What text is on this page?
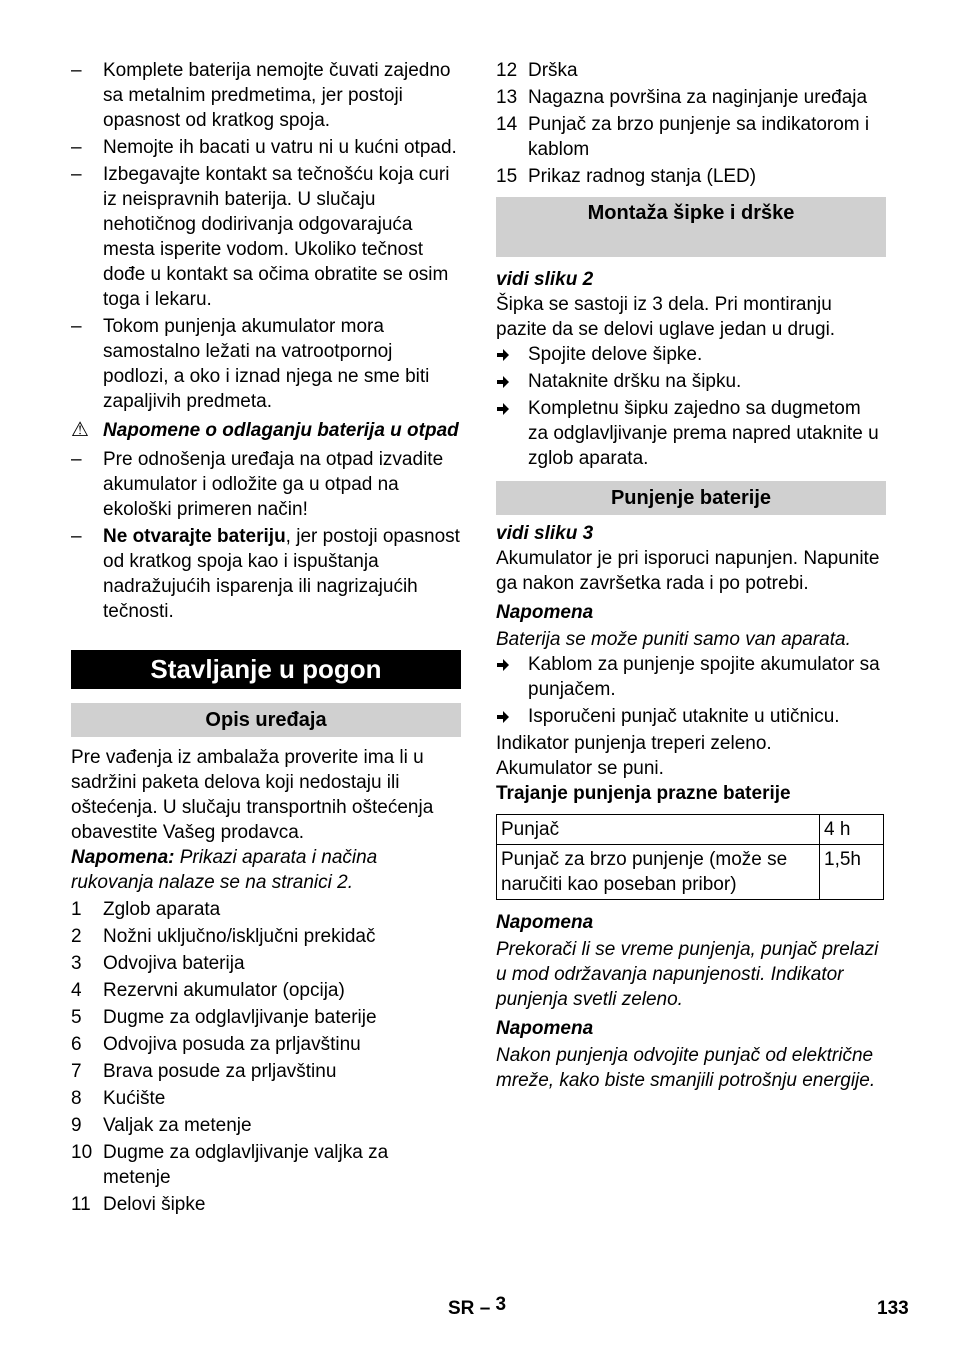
–	Komplete baterija nemojte čuvati zajedno sa metalnim predmetima, jer postoji opasnost od kratkog spoja.
–	Nemojte ih bacati u vatru ni u kućni otpad.
–	Izbegavajte kontakt sa tečnošću koja curi iz neispravnih baterija. U slučaju nehotičnog dodirivanja odgovarajuća mesta isperite vodom. Ukoliko tečnost dođe u kontakt sa očima obratite se osim toga i lekaru.
–	Tokom punjenja akumulator mora samostalno ležati na vatrootpornoj podlozi, a oko i iznad njega ne sme biti zapaljivih predmeta.
⚠ Napomene o odlaganju baterija u otpad
–	Pre odnošenja uređaja na otpad izvadite akumulator i odložite ga u otpad na ekološki primeren način!
–	Ne otvarajte bateriju, jer postoji opasnost od kratkog spoja kao i ispuštanja nadražujućih isparenja ili nagrizajućih tečnosti.
Stavljanje u pogon
Opis uređaja

Pre vađenja iz ambalaža proverite ima li u sadržini paketa delova koji nedostaju ili oštećenja. U slučaju transportnih oštećenja obavestite Vašeg prodavca.

Napomena: Prikazi aparata i načina rukovanja nalaze se na stranici 2.

1	Zglob aparata
2	Nožni uključno/isključni prekidač
3	Odvojiva baterija
4	Rezervni akumulator (opcija)
5	Dugme za odglavljivanje baterije
6	Odvojiva posuda za prljavštinu
7	Brava posude za prljavštinu
8	Kućište
9	Valjak za metenje
10 Dugme za odglavljivanje valjka za metenje
11 Delovi šipke
12 Drška
13 Nagazna površina za naginjanje uređaja
14 Punjač za brzo punjenje sa indikatorom i kablom
15 Prikaz radnog stanja (LED)
Montaža šipke i drške

vidi sliku 2

Šipka se sastoji iz 3 dela. Pri montiranju pazite da se delovi uglave jedan u drugi.

Spojite delove šipke.
Nataknite dršku na šipku.
Kompletnu šipku zajedno sa dugmetom za odglavljivanje prema napred utaknite u zglob aparata.
Punjenje baterije

vidi sliku 3

Akumulator je pri isporuci napunjen. Napunite ga nakon završetka rada i po potrebi.

Napomena

Baterija se može puniti samo van aparata.

Kablom za punjenje spojite akumulator sa punjačem.
Isporučeni punjač utaknite u utičnicu.

Indikator punjenja treperi zeleno.

Akumulator se puni.

Trajanje punjenja prazne baterije

Punjač	4 h
Punjač za brzo punjenje (može se naručiti kao poseban pribor)	1,5h

Napomena

Prekorači li se vreme punjenja, punjač prelazi u mod održavanja napunjenosti. Indikator punjenja svetli zeleno.

Napomena

Nakon punjenja odvojite punjač od električne mreže, kako biste smanjili potrošnju energije.

SR – 3	133
